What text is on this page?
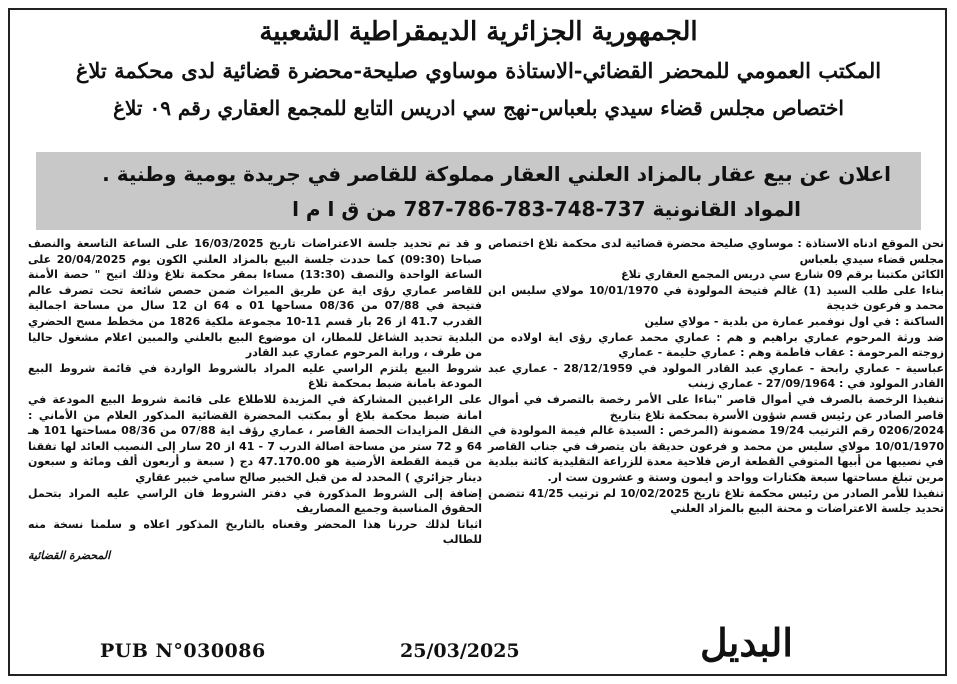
الجمهورية الجزائرية الديمقراطية الشعبية

المكتب العمومي للمحضر القضائي-الاستاذة موساوي صليحة-محضرة قضائية لدى محكمة تلاغ

اختصاص مجلس قضاء سيدي بلعباس-نهج سي ادريس التابع للمجمع العقاري رقم ٠٩ تلاغ

اعلان عن بيع عقار بالمزاد العلني العقار مملوكة للقاصر في جريدة يومية وطنية .

المواد القانونية 737-748-783-786-787 من ق ا م ا

نحن الموقع ادناه الاستاذة : موساوي صليحة محضرة قضائية لدى محكمة تلاغ اختصاص مجلس قضاء سيدي بلعباس

الكائن مكتبنا برقم 09 شارع سي دريس المجمع العقاري تلاغ

بناءا على طلب السيد (1) غالم فتيحة المولودة في 10/01/1970 مولاي سليس ابن محمد و فرعون خديجة

الساكنة : في اول نوفمبر عمارة من بلدية - مولاي سلين

ضد ورثة المرحوم عماري براهيم و هم : عماري محمد عماري رؤى اية اولاده من زوجته المرحومة : عقاب فاطمة وهم : عماري حليمة - عماري

عباسية - عماري رابحة - عماري عبد القادر المولود في 28/12/1959 - عماري عبد القادر المولود في : 27/09/1964 - عماري زينب

تنفيذا الرخصة بالصرف في أموال قاصر "بناءا على الأمر رخصة بالتصرف في أموال قاصر الصادر عن رئيس قسم شؤون الأسرة بمحكمة تلاغ بتاريخ

0206/2024 رقم الترتيب 19/24 مضمونة (المرخص : السيدة غالم فيمة المولودة في 10/01/1970 مولاي سليس من محمد و فرعون حديقة بان يتصرف في جناب القاصر في نصيبها من أبيها المتوفي القطعة ارض فلاحية معدة للزراعة التقليدية كائنة ببلدية مرين تبلغ مساحتها سبعة هكتارات وواحد و ايمون وستة و عشرون ست ار.

تنفيذا للأمر الصادر من رئيس محكمة تلاغ تاريخ 10/02/2025 لم ترتيب 41/25 تتضمن تحديد جلسة الاعتراضات و محنة البيع بالمزاد العلني

و قد تم تحديد جلسة الاعتراضات تاريخ 16/03/2025 على الساعة التاسعة والنصف صباحا (09:30) كما حددت جلسة البيع بالمزاد العلني الكون يوم 20/04/2025 على الساعة الواحدة والنصف (13:30) مساءا بمقر محكمة تلاغ وذلك اتيح " حصة الأمنة للقاصر عماري رؤى اية عن طريق الميراث ضمن حصص شائعة تحت تصرف عالم فتيحة في 07/88 من 08/36 مساحها 01 ه 64 ان 12 سال من مساحة اجمالية القدرب 41.7 از 26 بار قسم 11-10 مجموعة ملكية 1826 من مخطط مسح الحضري البلدية تحديد الشاغل للمطار، ان موضوع البيع بالعلني والمبين اعلام مشغول حاليا من طرف ، ورابة المرحوم عماري عبد القادر

شروط البيع يلتزم الراسي عليه المراد بالشروط الواردة في قائمة شروط البيع المودعة بامانة ضبط بمحكمة تلاغ

على الراغبين المشاركة في المزيدة للاطلاع على قائمة شروط البيع المودعة في امانة ضبط محكمة بلاغ أو بمكتب المحضرة القضائية المذكور العلام من الأماني : النقل المزايدات الحصة القاصر ، عماري رؤف اية 07/88 من 08/36 مساحتها 101 هـ 64 و 72 ستر من مساحة اصالة الدرب 7 - 41 از 20 سار إلى النصيب العائد لها تفقنا من قيمة القطعة الأرضية هو 47.170.00 دج ( سبعة و أربعون ألف ومائة و سبعون دينار جزائري ) المحدد له من قبل الخبير صالح سامي خبير عقاري

إضافة إلى الشروط المذكورة في دفتر الشروط فان الراسي عليه المراد بتحمل الحقوق المناسبة وجميع المصاريف

اثباتا لذلك حررنا هذا المحضر وقعناه بالتاريخ المذكور اعلاه و سلمنا نسخة منه للطالب

المحضرة القضائية

PUB N°030086	25/03/2025	البديل
